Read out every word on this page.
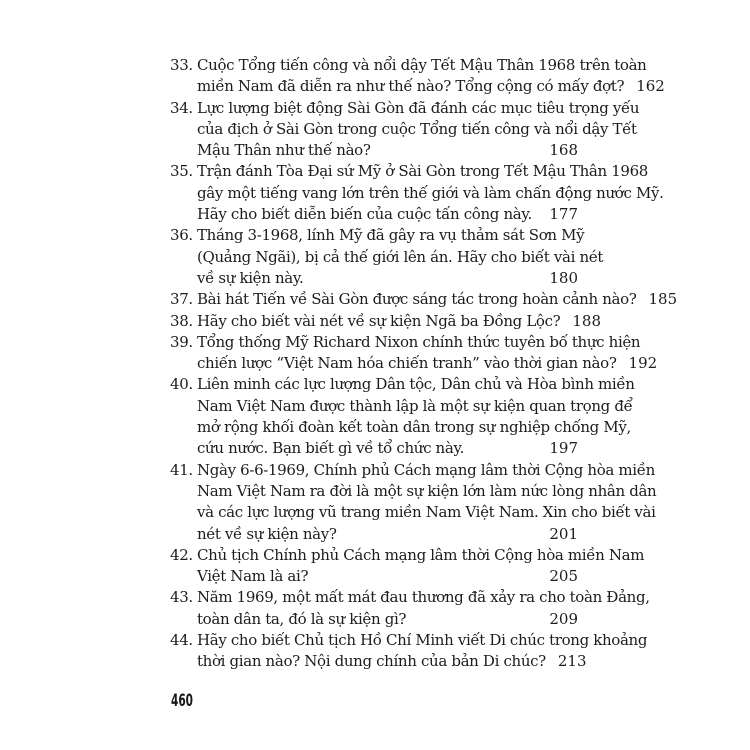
33. Cuộc Tổng tiến công và nổi dậy Tết Mậu Thân 1968 trên toàn
miền Nam đã diễn ra như thế nào? Tổng cộng có mấy đợt? 162
34. Lực lượng biệt động Sài Gòn đã đánh các mục tiêu trọng yếu
của địch ở Sài Gòn trong cuộc Tổng tiến công và nổi dậy Tết
Mậu Thân như thế nào?	168
35. Trận đánh Tòa Đại sứ Mỹ ở Sài Gòn trong Tết Mậu Thân 1968
gây một tiếng vang lớn trên thế giới và làm chấn động nước Mỹ.
Hãy cho biết diễn biến của cuộc tấn công này.	177
36. Tháng 3-1968, lính Mỹ đã gây ra vụ thảm sát Sơn Mỹ
(Quảng Ngãi), bị cả thế giới lên án. Hãy cho biết vài nét
về sự kiện này.	180
37. Bài hát Tiến về Sài Gòn được sáng tác trong hoàn cảnh nào? 185
38. Hãy cho biết vài nét về sự kiện Ngã ba Đồng Lộc? 188
39. Tổng thống Mỹ Richard Nixon chính thức tuyên bố thực hiện
chiến lược “Việt Nam hóa chiến tranh” vào thời gian nào? 192
40. Liên minh các lực lượng Dân tộc, Dân chủ và Hòa bình miền
Nam Việt Nam được thành lập là một sự kiện quan trọng để
mở rộng khối đoàn kết toàn dân trong sự nghiệp chống Mỹ,
cứu nước. Bạn biết gì về tổ chức này.	197
41. Ngày 6-6-1969, Chính phủ Cách mạng lâm thời Cộng hòa miền
Nam Việt Nam ra đời là một sự kiện lớn làm nức lòng nhân dân
và các lực lượng vũ trang miền Nam Việt Nam. Xin cho biết vài
nét về sự kiện này?	201
42. Chủ tịch Chính phủ Cách mạng lâm thời Cộng hòa miền Nam
Việt Nam là ai?	205
43. Năm 1969, một mất mát đau thương đã xảy ra cho toàn Đảng,
toàn dân ta, đó là sự kiện gì?	209
44. Hãy cho biết Chủ tịch Hồ Chí Minh viết Di chúc trong khoảng
thời gian nào? Nội dung chính của bản Di chúc? 213
460
